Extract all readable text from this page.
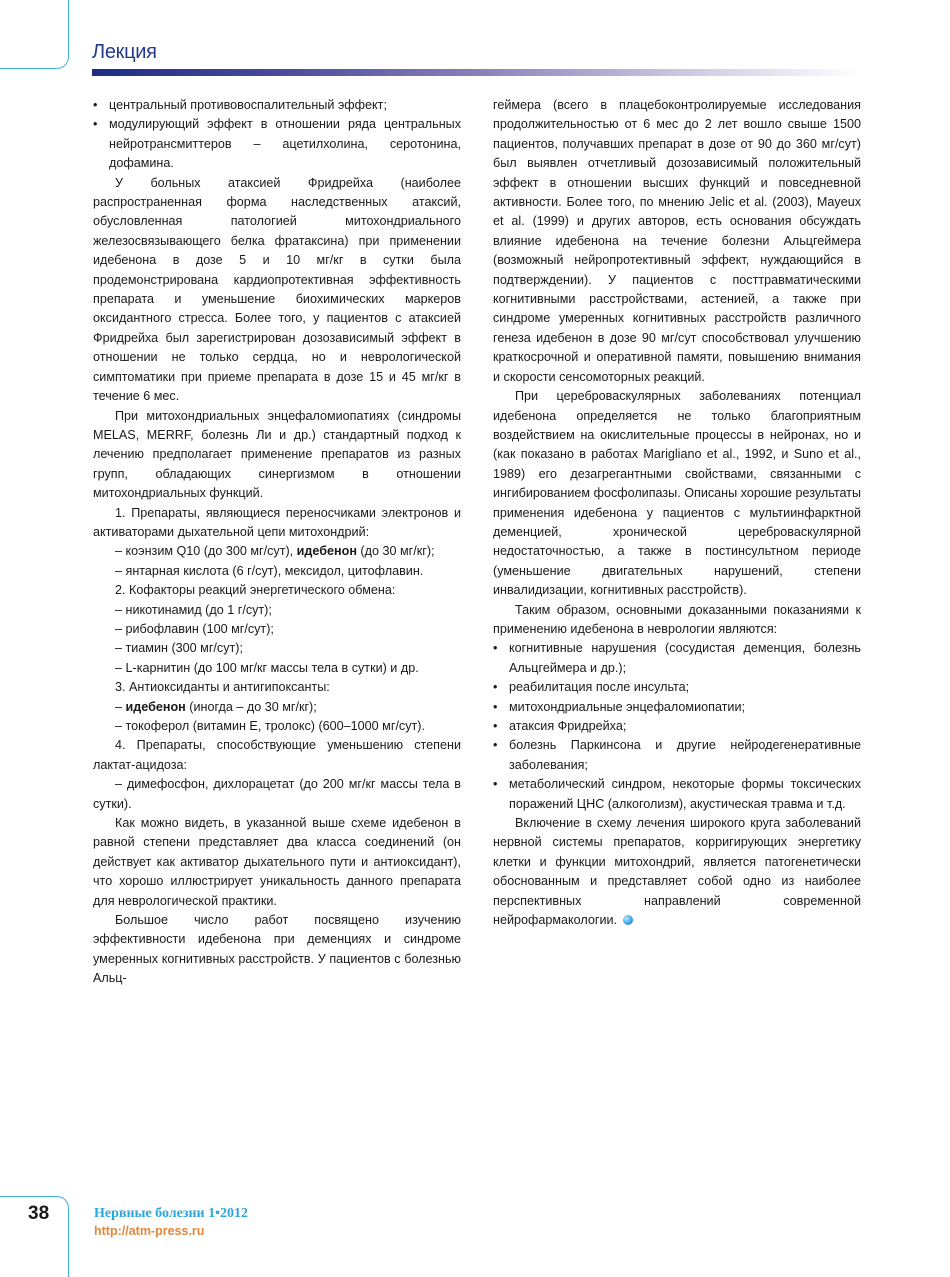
Лекция
• центральный противовоспалительный эффект;
• модулирующий эффект в отношении ряда центральных нейротрансмиттеров – ацетилхолина, серотонина, дофамина.

У больных атаксией Фридрейха (наиболее распространенная форма наследственных атаксий, обусловленная патологией митохондриального железосвязывающего белка фратаксина) при применении идебенона в дозе 5 и 10 мг/кг в сутки была продемонстрирована кардиопротективная эффективность препарата и уменьшение биохимических маркеров оксидантного стресса. Более того, у пациентов с атаксией Фридрейха был зарегистрирован дозозависимый эффект в отношении не только сердца, но и неврологической симптоматики при приеме препарата в дозе 15 и 45 мг/кг в течение 6 мес.

При митохондриальных энцефаломиопатиях (синдромы MELAS, MERRF, болезнь Ли и др.) стандартный подход к лечению предполагает применение препаратов из разных групп, обладающих синергизмом в отношении митохондриальных функций.

1. Препараты, являющиеся переносчиками электронов и активаторами дыхательной цепи митохондрий:

– коэнзим Q10 (до 300 мг/сут), идебенон (до 30 мг/кг);

– янтарная кислота (6 г/сут), мексидол, цитофлавин.

2. Кофакторы реакций энергетического обмена:

– никотинамид (до 1 г/сут);

– рибофлавин (100 мг/сут);

– тиамин (300 мг/сут);

– L-карнитин (до 100 мг/кг массы тела в сутки) и др.

3. Антиоксиданты и антигипоксанты:

– идебенон (иногда – до 30 мг/кг);

– токоферол (витамин Е, тролокс) (600–1000 мг/сут).

4. Препараты, способствующие уменьшению степени лактат-ацидоза:

– димефосфон, дихлорацетат (до 200 мг/кг массы тела в сутки).

Как можно видеть, в указанной выше схеме идебенон в равной степени представляет два класса соединений (он действует как активатор дыхательного пути и антиоксидант), что хорошо иллюстрирует уникальность данного препарата для неврологической практики.

Большое число работ посвящено изучению эффективности идебенона при деменциях и синдроме умеренных когнитивных расстройств. У пациентов с болезнью Альц-

геймера (всего в плацебоконтролируемые исследования продолжительностью от 6 мес до 2 лет вошло свыше 1500 пациентов, получавших препарат в дозе от 90 до 360 мг/сут) был выявлен отчетливый дозозависимый положительный эффект в отношении высших функций и повседневной активности. Более того, по мнению Jelic et al. (2003), Mayeux et al. (1999) и других авторов, есть основания обсуждать влияние идебенона на течение болезни Альцгеймера (возможный нейропротективный эффект, нуждающийся в подтверждении). У пациентов с посттравматическими когнитивными расстройствами, астенией, а также при синдроме умеренных когнитивных расстройств различного генеза идебенон в дозе 90 мг/сут способствовал улучшению краткосрочной и оперативной памяти, повышению внимания и скорости сенсомоторных реакций.

При цереброваскулярных заболеваниях потенциал идебенона определяется не только благоприятным воздействием на окислительные процессы в нейронах, но и (как показано в работах Marigliano et al., 1992, и Suno et al., 1989) его дезагрегантными свойствами, связанными с ингибированием фосфолипазы. Описаны хорошие результаты применения идебенона у пациентов с мультиинфарктной деменцией, хронической цереброваскулярной недостаточностью, а также в постинсультном периоде (уменьшение двигательных нарушений, степени инвалидизации, когнитивных расстройств).

Таким образом, основными доказанными показаниями к применению идебенона в неврологии являются:

• когнитивные нарушения (сосудистая деменция, болезнь Альцгеймера и др.);
• реабилитация после инсульта;
• митохондриальные энцефаломиопатии;
• атаксия Фридрейха;
• болезнь Паркинсона и другие нейродегенеративные заболевания;
• метаболический синдром, некоторые формы токсических поражений ЦНС (алкоголизм), акустическая травма и т.д.

Включение в схему лечения широкого круга заболеваний нервной системы препаратов, корригирующих энергетику клетки и функции митохондрий, является патогенетически обоснованным и представляет собой одно из наиболее перспективных направлений современной нейрофармакологии.

38	Нервные болезни 1•2012
http://atm-press.ru
